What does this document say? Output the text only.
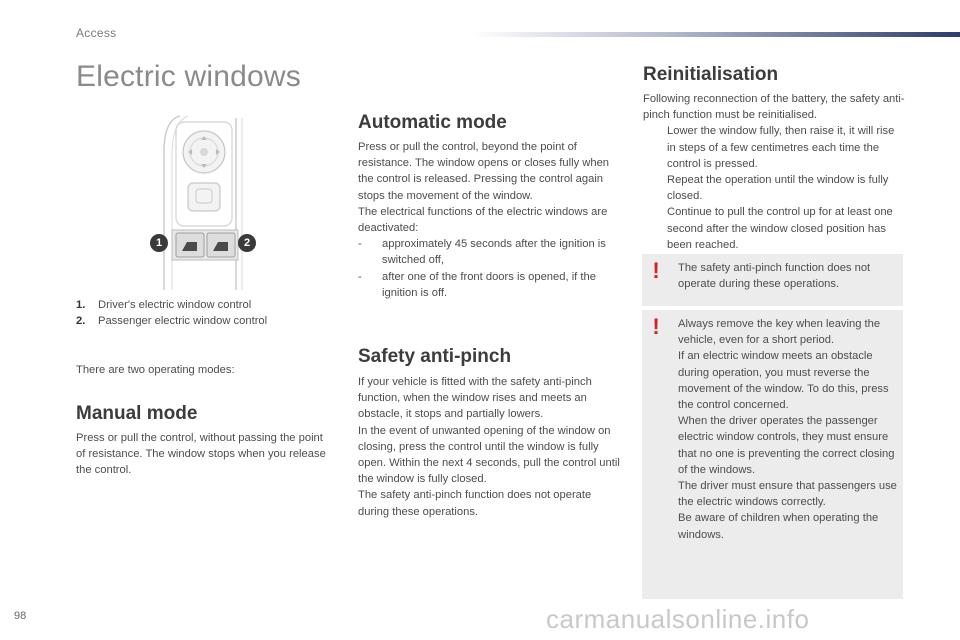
Access
Electric windows
1	2
1.	Driver's electric window control
2.	Passenger electric window control
There are two operating modes:
Manual mode
Press or pull the control, without passing the point of resistance. The window stops when you release the control.
Automatic mode

Press or pull the control, beyond the point of resistance. The window opens or closes fully when the control is released. Pressing the control again stops the movement of the window.

The electrical functions of the electric windows are deactivated:

-	approximately 45 seconds after the ignition is switched off,
-	after one of the front doors is opened, if the ignition is off.
Safety anti-pinch

If your vehicle is fitted with the safety anti-pinch function, when the window rises and meets an obstacle, it stops and partially lowers.

In the event of unwanted opening of the window on closing, press the control until the window is fully open. Within the next 4 seconds, pull the control until the window is fully closed.

The safety anti-pinch function does not operate during these operations.

Reinitialisation

Following reconnection of the battery, the safety anti-pinch function must be reinitialised.

Lower the window fully, then raise it, it will rise in steps of a few centimetres each time the control is pressed.
Repeat the operation until the window is fully closed.
Continue to pull the control up for at least one second after the window closed position has been reached.
! The safety anti-pinch function does not operate during these operations.
! Always remove the key when leaving the vehicle, even for a short period.
If an electric window meets an obstacle during operation, you must reverse the movement of the window. To do this, press the control concerned.
When the driver operates the passenger electric window controls, they must ensure that no one is preventing the correct closing of the windows.
The driver must ensure that passengers use the electric windows correctly.
Be aware of children when operating the windows.
98	carmanualsonline.info
